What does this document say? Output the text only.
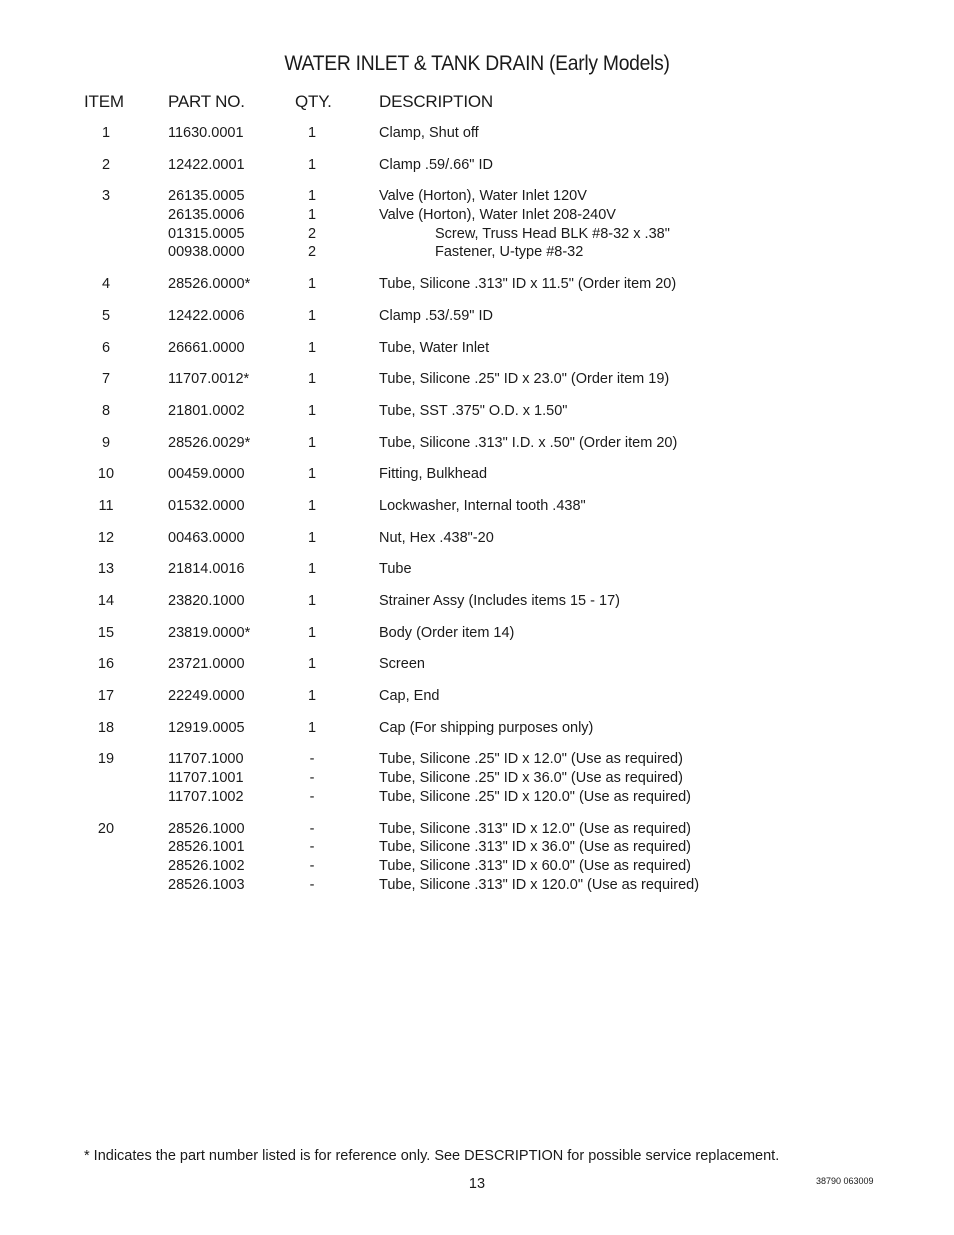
WATER INLET & TANK DRAIN (Early Models)
ITEM	PART NO.	QTY.	DESCRIPTION
1	11630.0001	1	Clamp, Shut off
2	12422.0001	1	Clamp .59/.66" ID
3	26135.0005	1	Valve (Horton), Water Inlet 120V
26135.0006	1	Valve (Horton), Water Inlet 208-240V
01315.0005	2	Screw, Truss Head BLK #8-32 x .38"
00938.0000	2	Fastener, U-type #8-32
4	28526.0000*	1	Tube, Silicone .313" ID x 11.5" (Order item 20)
5	12422.0006	1	Clamp .53/.59" ID
6	26661.0000	1	Tube, Water Inlet
7	11707.0012*	1	Tube, Silicone .25" ID x 23.0" (Order item 19)
8	21801.0002	1	Tube, SST .375" O.D. x 1.50"
9	28526.0029*	1	Tube, Silicone .313" I.D. x .50" (Order item 20)
10	00459.0000	1	Fitting, Bulkhead
11	01532.0000	1	Lockwasher, Internal tooth .438"
12	00463.0000	1	Nut, Hex .438"-20
13	21814.0016	1	Tube
14	23820.1000	1	Strainer Assy (Includes items 15 - 17)
15	23819.0000*	1	Body (Order item 14)
16	23721.0000	1	Screen
17	22249.0000	1	Cap, End
18	12919.0005	1	Cap (For shipping purposes only)
19	11707.1000	-	Tube, Silicone .25" ID x 12.0" (Use as required)
11707.1001	-	Tube, Silicone .25" ID x 36.0" (Use as required)
11707.1002	-	Tube, Silicone .25" ID x 120.0" (Use as required)
20	28526.1000	-	Tube, Silicone .313" ID x 12.0" (Use as required)
28526.1001	-	Tube, Silicone .313" ID x 36.0" (Use as required)
28526.1002	-	Tube, Silicone .313" ID x 60.0" (Use as required)
28526.1003	-	Tube, Silicone .313" ID x 120.0" (Use as required)
* Indicates the part number listed is for reference only. See DESCRIPTION for possible service replacement.
13	38790 063009
